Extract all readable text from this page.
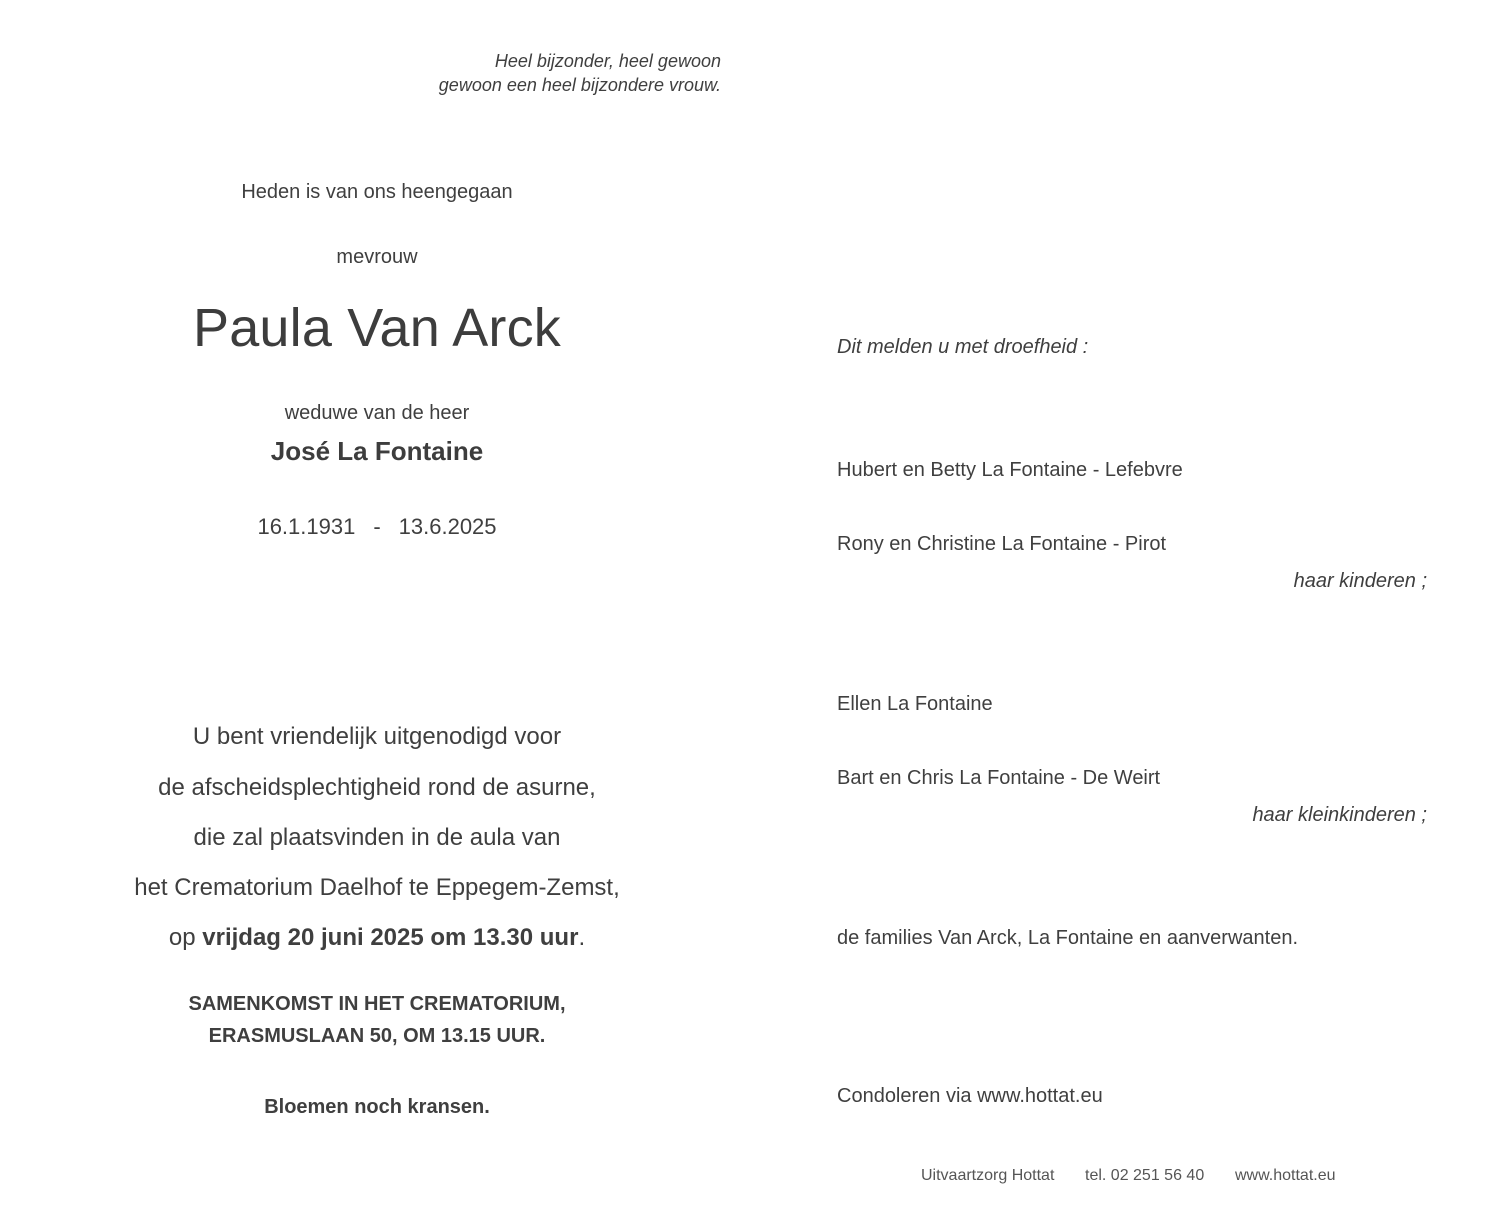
Heel bijzonder, heel gewoon
gewoon een heel bijzondere vrouw.
Heden is van ons heengegaan
mevrouw
Paula Van Arck
weduwe van de heer
José La Fontaine
16.1.1931 - 13.6.2025
U bent vriendelijk uitgenodigd voor
de afscheidsplechtigheid rond de asurne,
die zal plaatsvinden in de aula van
het Crematorium Daelhof te Eppegem-Zemst,
op vrijdag 20 juni 2025 om 13.30 uur.
SAMENKOMST IN HET CREMATORIUM,
ERASMUSLAAN 50, OM 13.15 UUR.
Bloemen noch kransen.
Dit melden u met droefheid :
Hubert en Betty La Fontaine - Lefebvre
Rony en Christine La Fontaine - Pirot
haar kinderen ;
Ellen La Fontaine
Bart en Chris La Fontaine - De Weirt
haar kleinkinderen ;
de families Van Arck, La Fontaine en aanverwanten.
Condoleren via www.hottat.eu
Uitvaartzorg Hottat tel. 02 251 56 40 www.hottat.eu
